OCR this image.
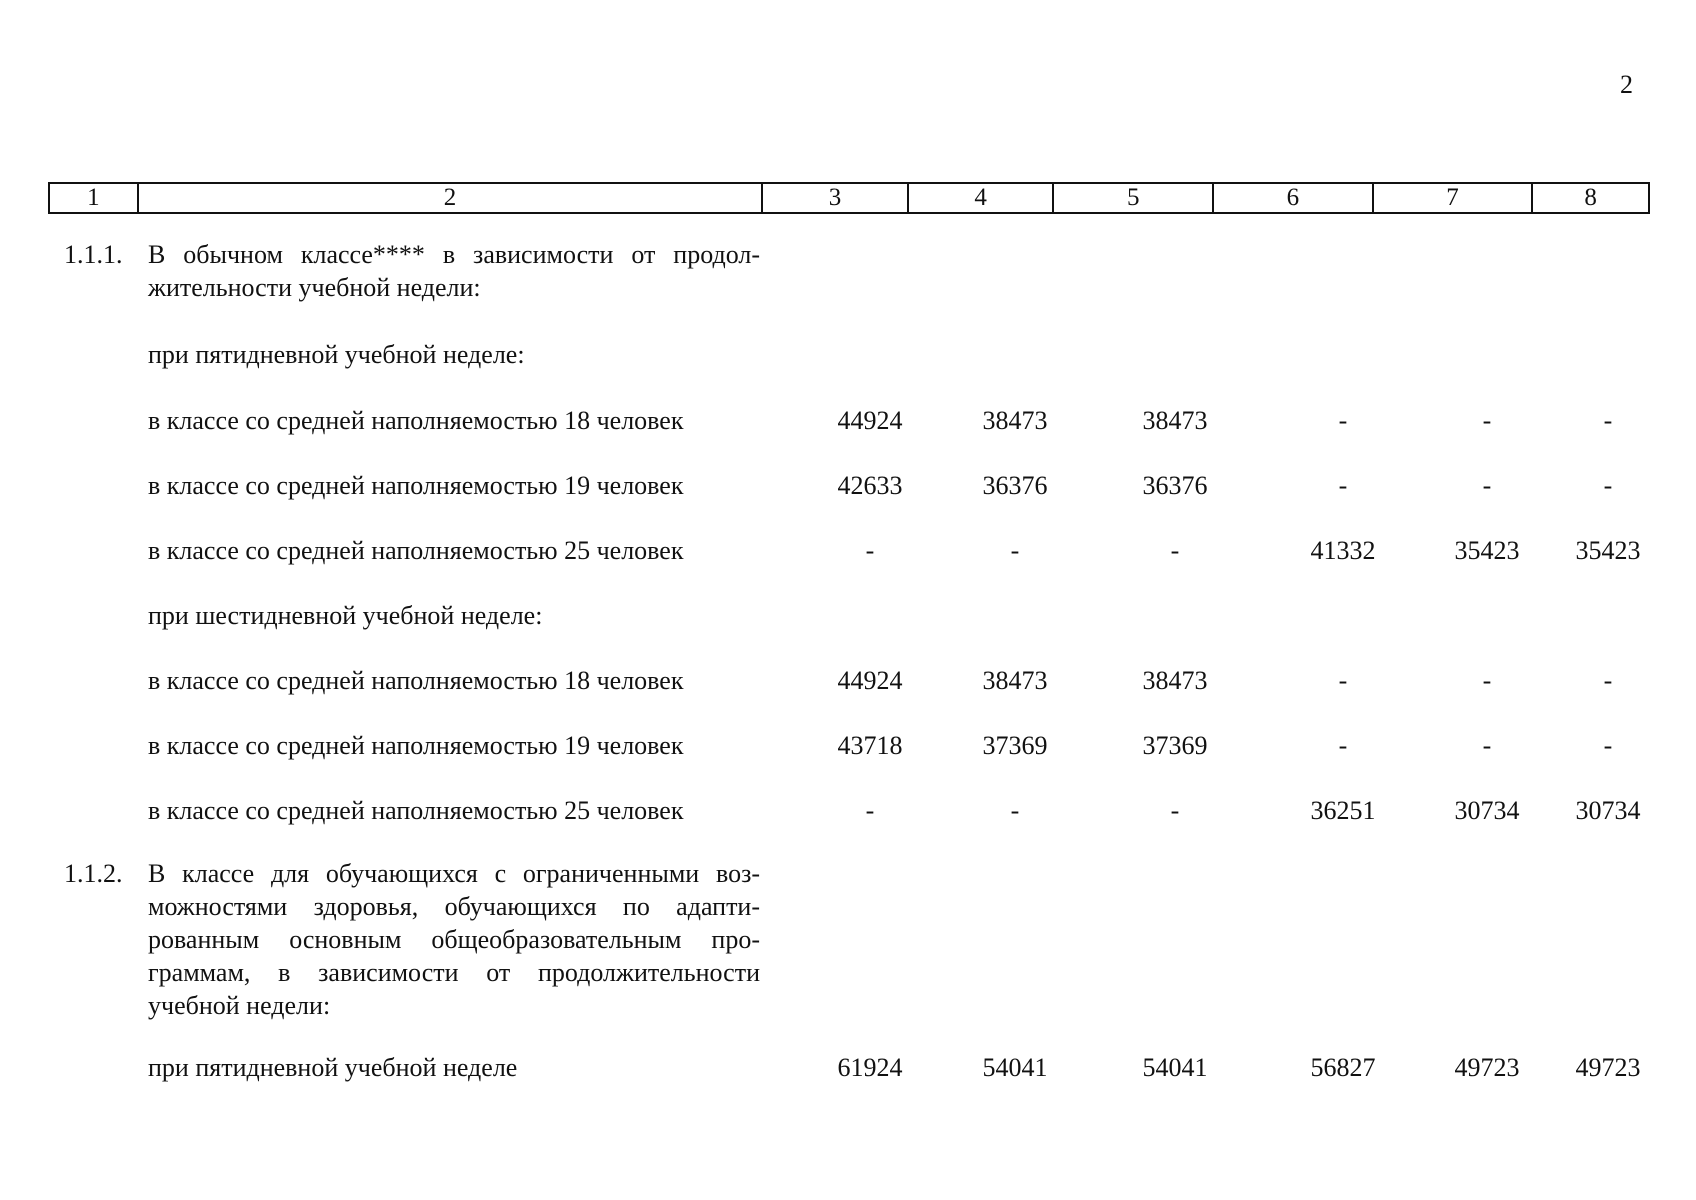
2
1	2	3	4	5	6	7	8
1.1.1. В обычном классе**** в зависимости от продол-жительности учебной недели:
при пятидневной учебной неделе:
в классе со средней наполняемостью 18 человек	44924	38473	38473	-	-	-
в классе со средней наполняемостью 19 человек	42633	36376	36376	-	-	-
в классе со средней наполняемостью 25 человек	-	-	-	41332	35423	35423
при шестидневной учебной неделе:
в классе со средней наполняемостью 18 человек	44924	38473	38473	-	-	-
в классе со средней наполняемостью 19 человек	43718	37369	37369	-	-	-
в классе со средней наполняемостью 25 человек	-	-	-	36251	30734	30734
1.1.2. В классе для обучающихся с ограниченными воз-можностями здоровья, обучающихся по адапти-рованным основным общеобразовательным про-граммам, в зависимости от продолжительности учебной недели:
при пятидневной учебной неделе	61924	54041	54041	56827	49723	49723
